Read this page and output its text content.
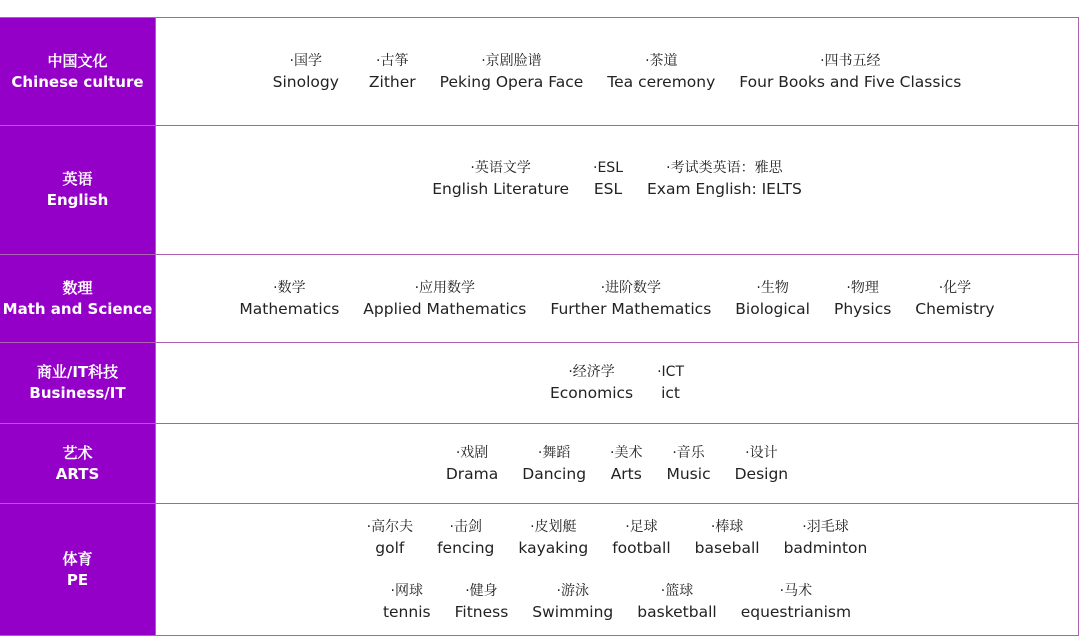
中国文化
Chinese culture
·国学
Sinology
·古筝
Zither
·京剧脸谱
Peking Opera Face
·茶道
Tea ceremony
·四书五经
Four Books and Five Classics
英语
English
·英语文学
English Literature
·ESL
ESL
·考试类英语：雅思
Exam English: IELTS
数理
Math and Science
·数学
Mathematics
·应用数学
Applied Mathematics
·进阶数学
Further Mathematics
·生物
Biological
·物理
Physics
·化学
Chemistry
商业/IT科技
Business/IT
·经济学
Economics
·ICT
ict
艺术
ARTS
·戏剧
Drama
·舞蹈
Dancing
·美术
Arts
·音乐
Music
·设计
Design
体育
PE
·高尔夫
golf
·击剑
fencing
·皮划艇
kayaking
·足球
football
·棒球
baseball
·羽毛球
badminton
·网球
tennis
·健身
Fitness
·游泳
Swimming
·篮球
basketball
·马术
equestrianism
